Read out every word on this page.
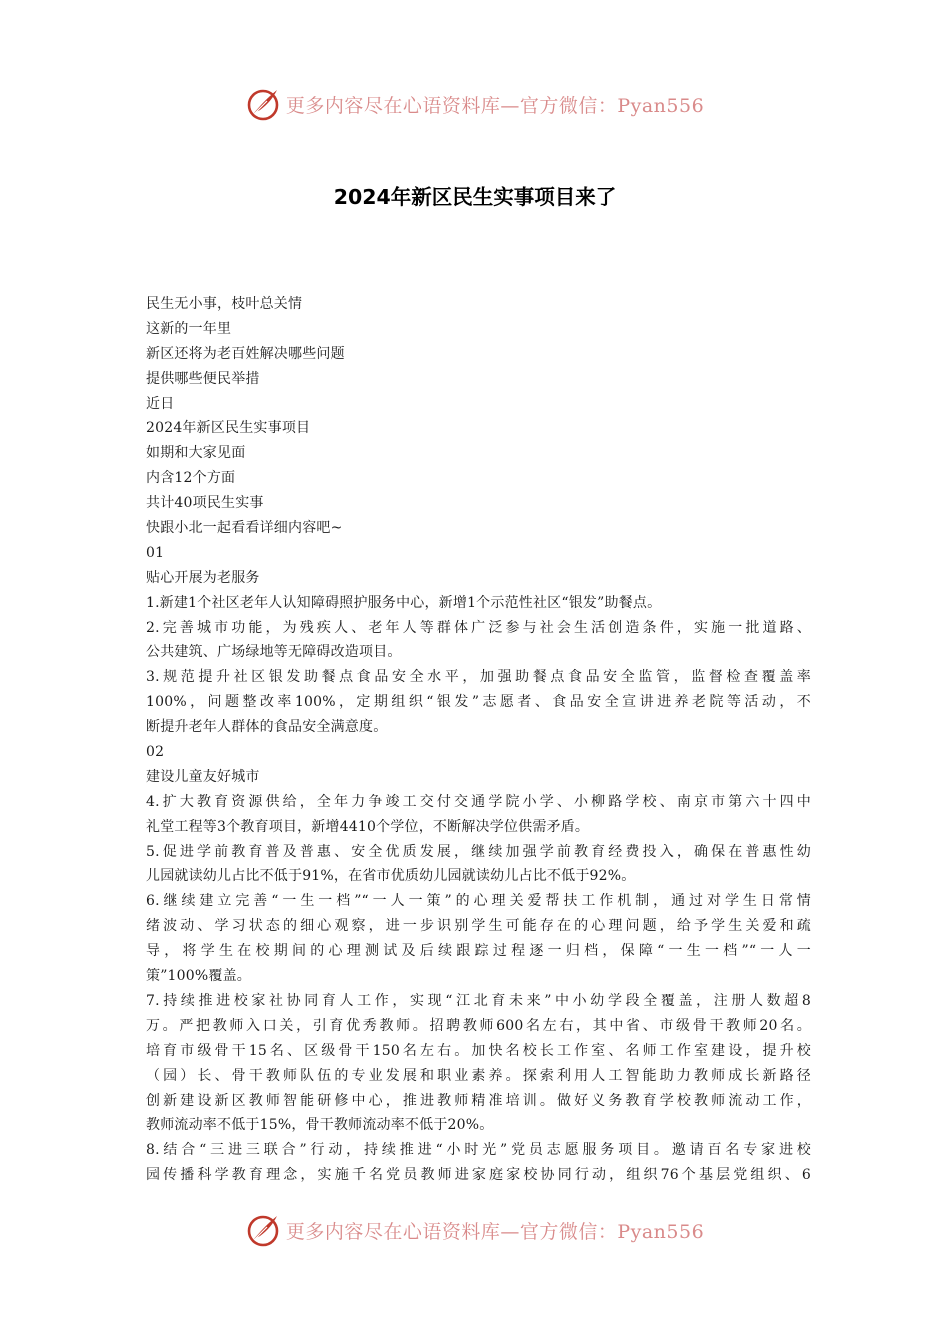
更多内容尽在心语资料库—官方微信：Pyan556
2024年新区民生实事项目来了
民生无小事，枝叶总关情
这新的一年里
新区还将为老百姓解决哪些问题
提供哪些便民举措
近日
2024年新区民生实事项目
如期和大家见面
内含12个方面
共计40项民生实事
快跟小北一起看看详细内容吧~
01
贴心开展为老服务
1.新建1个社区老年人认知障碍照护服务中心，新增1个示范性社区“银发”助餐点。
2.完善城市功能，为残疾人、老年人等群体广泛参与社会生活创造条件，实施一批道路、
公共建筑、广场绿地等无障碍改造项目。
3.规范提升社区银发助餐点食品安全水平，加强助餐点食品安全监管，监督检查覆盖率
100%，问题整改率100%，定期组织“银发”志愿者、食品安全宣讲进养老院等活动，不
断提升老年人群体的食品安全满意度。
02
建设儿童友好城市
4.扩大教育资源供给，全年力争竣工交付交通学院小学、小柳路学校、南京市第六十四中
礼堂工程等3个教育项目，新增4410个学位，不断解决学位供需矛盾。
5.促进学前教育普及普惠、安全优质发展，继续加强学前教育经费投入，确保在普惠性幼
儿园就读幼儿占比不低于91%，在省市优质幼儿园就读幼儿占比不低于92%。
6.继续建立完善“一生一档”“一人一策”的心理关爱帮扶工作机制，通过对学生日常情
绪波动、学习状态的细心观察，进一步识别学生可能存在的心理问题，给予学生关爱和疏
导，将学生在校期间的心理测试及后续跟踪过程逐一归档，保障“一生一档”“一人一
策”100%覆盖。
7.持续推进校家社协同育人工作，实现“江北育未来”中小幼学段全覆盖，注册人数超8
万。严把教师入口关，引育优秀教师。招聘教师600名左右，其中省、市级骨干教师20名。
培育市级骨干15名、区级骨干150名左右。加快名校长工作室、名师工作室建设，提升校
（园）长、骨干教师队伍的专业发展和职业素养。探索利用人工智能助力教师成长新路径
创新建设新区教师智能研修中心，推进教师精准培训。做好义务教育学校教师流动工作，
教师流动率不低于15%，骨干教师流动率不低于20%。
8.结合“三进三联合”行动，持续推进“小时光”党员志愿服务项目。邀请百名专家进校
园传播科学教育理念，实施千名党员教师进家庭家校协同行动，组织76个基层党组织、6
更多内容尽在心语资料库—官方微信：Pyan556
